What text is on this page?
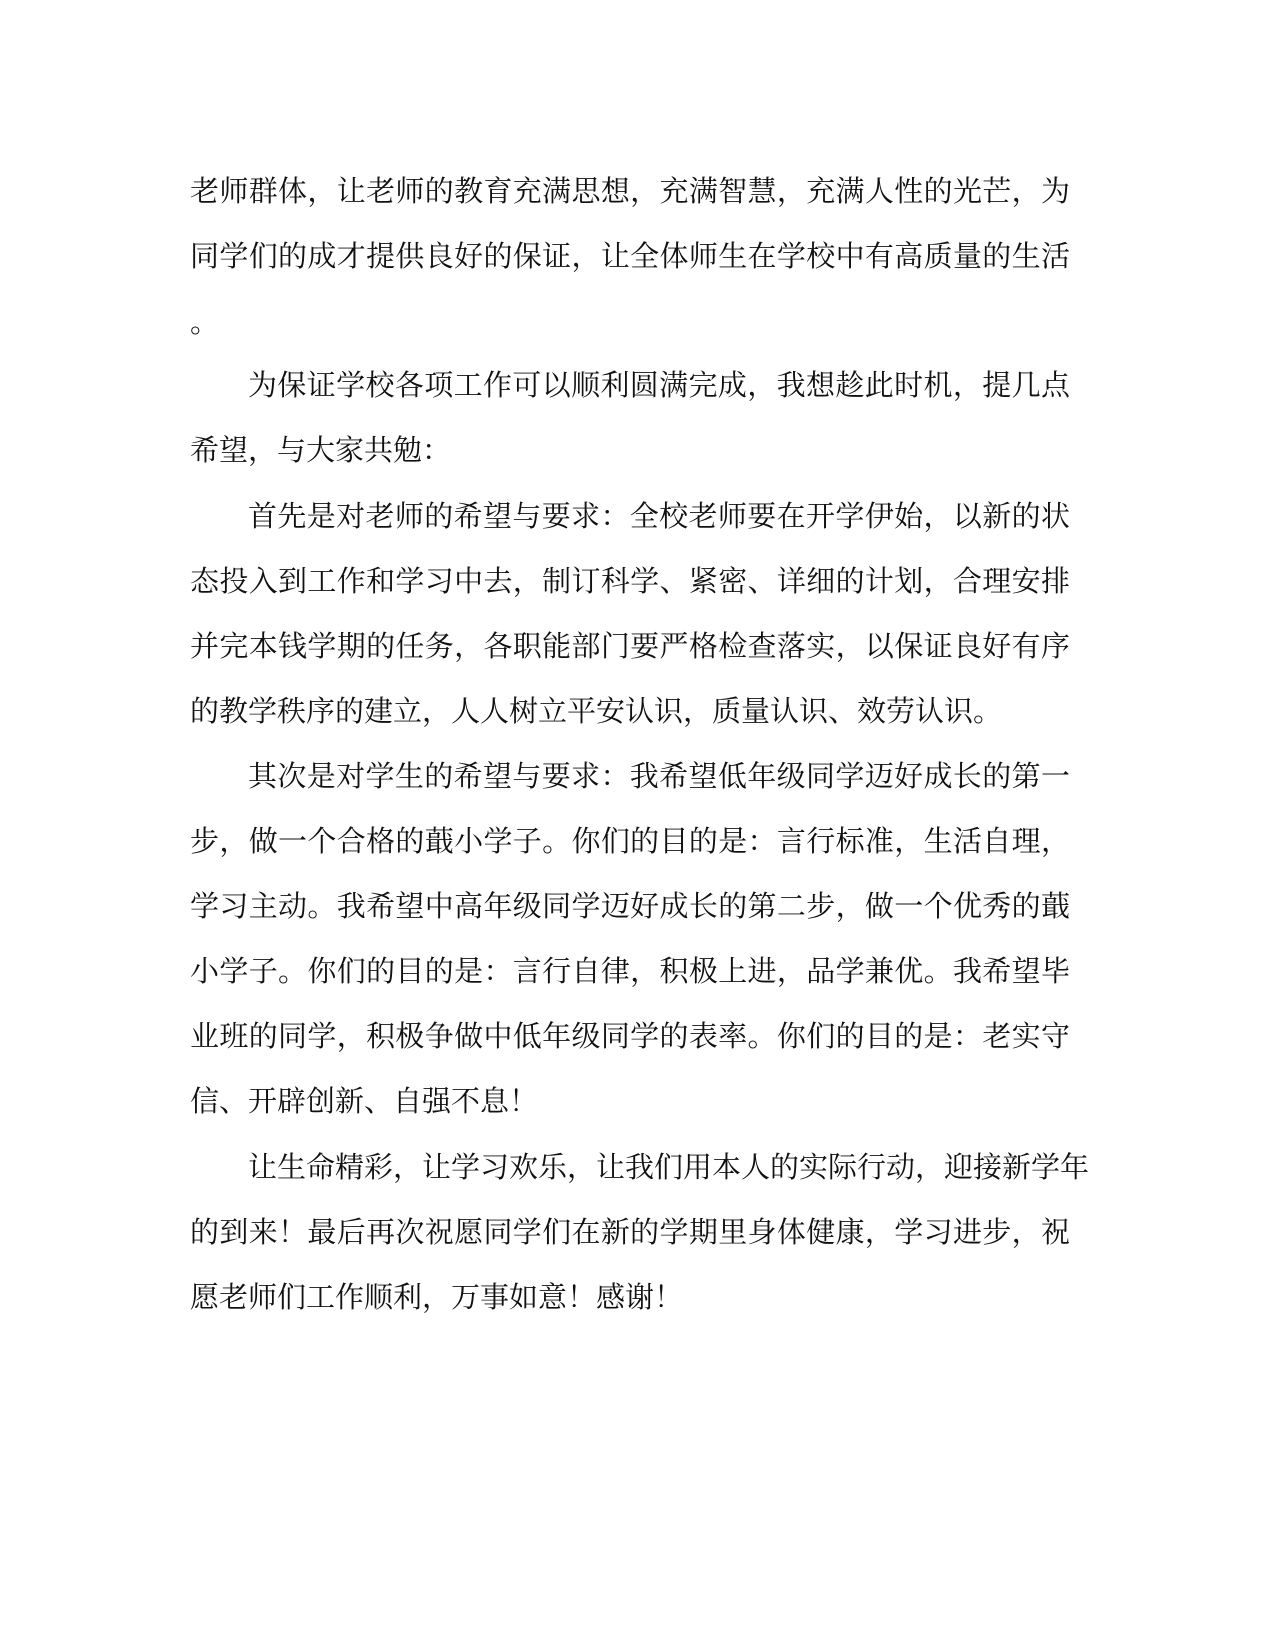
老师群体，让老师的教育充满思想，充满智慧，充满人性的光芒，为
同学们的成才提供良好的保证，让全体师生在学校中有高质量的生活
。
为保证学校各项工作可以顺利圆满完成，我想趁此时机，提几点
希望，与大家共勉：
首先是对老师的希望与要求：全校老师要在开学伊始，以新的状
态投入到工作和学习中去，制订科学、紧密、详细的计划，合理安排
并完本钱学期的任务，各职能部门要严格检查落实，以保证良好有序
的教学秩序的建立，人人树立平安认识，质量认识、效劳认识。
其次是对学生的希望与要求：我希望低年级同学迈好成长的第一
步，做一个合格的蕺小学子。你们的目的是：言行标准，生活自理，
学习主动。我希望中高年级同学迈好成长的第二步，做一个优秀的蕺
小学子。你们的目的是：言行自律，积极上进，品学兼优。我希望毕
业班的同学，积极争做中低年级同学的表率。你们的目的是：老实守
信、开辟创新、自强不息！
让生命精彩，让学习欢乐，让我们用本人的实际行动，迎接新学年
的到来！最后再次祝愿同学们在新的学期里身体健康，学习进步，祝
愿老师们工作顺利，万事如意！感谢！
